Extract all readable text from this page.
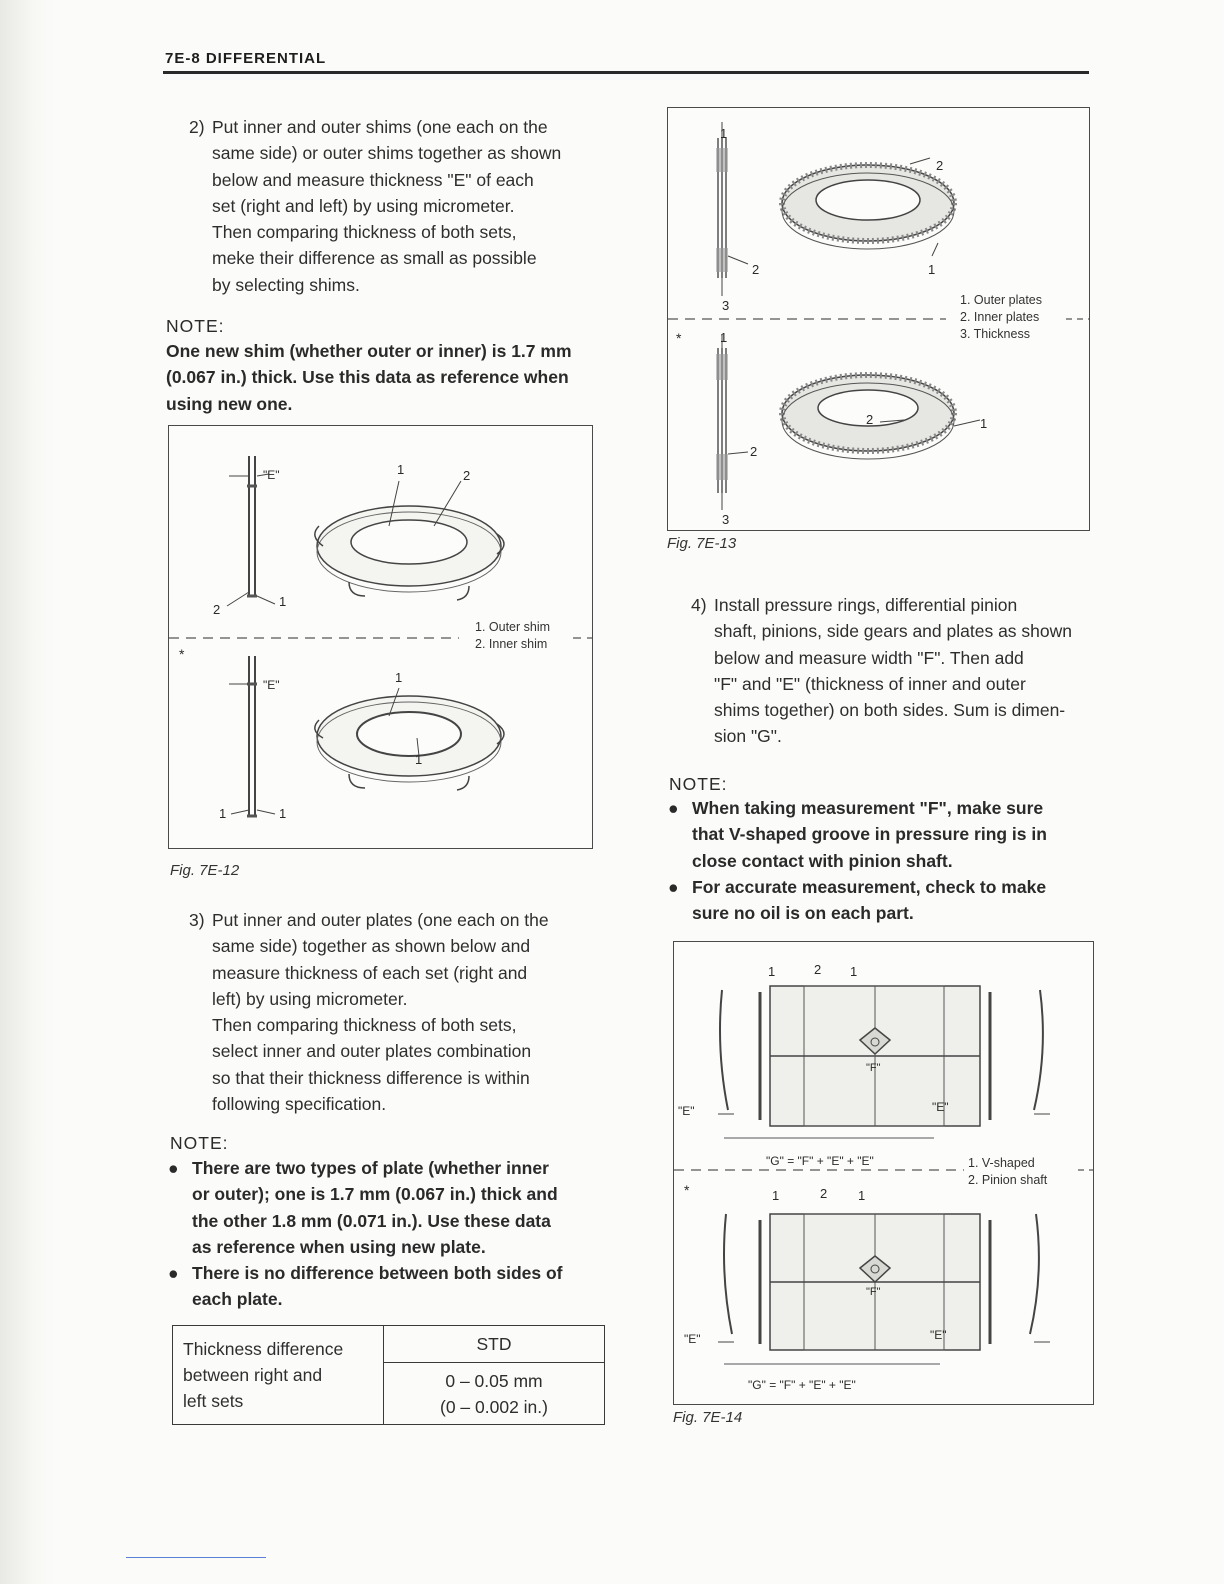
7E-8 DIFFERENTIAL
2) Put inner and outer shims (one each on the
same side) or outer shims together as shown
below and measure thickness "E" of each
set (right and left) by using micrometer.
Then comparing thickness of both sets,
meke their difference as small as possible
by selecting shims.
NOTE:
One new shim (whether outer or inner) is 1.7 mm
(0.067 in.) thick. Use this data as reference when
using new one.
"E"	1	2
2
1
*
"E"	1
1
1	1
1. Outer shim
2. Inner shim
Fig. 7E-12
3) Put inner and outer plates (one each on the
same side) together as shown below and
measure thickness of each set (right and
left) by using micrometer.
Then comparing thickness of both sets,
select inner and outer plates combination
so that their thickness difference is within
following specification.
NOTE:
● There are two types of plate (whether inner
or outer); one is 1.7 mm (0.067 in.) thick and
the other 1.8 mm (0.071 in.). Use these data
as reference when using new plate.
● There is no difference between both sides of
each plate.
Thickness difference
between right and
left sets
	STD

0 – 0.05 mm
(0 – 0.002 in.)
1
2
2	1
3
*	1
2	1
2
3
1. Outer plates
2. Inner plates
3. Thickness
Fig. 7E-13
4) Install pressure rings, differential pinion
shaft, pinions, side gears and plates as shown
below and measure width "F". Then add
"F" and "E" (thickness of inner and outer
shims together) on both sides. Sum is dimen-
sion "G".
NOTE:
● When taking measurement "F", make sure
that V-shaped groove in pressure ring is in
close contact with pinion shaft.
● For accurate measurement, check to make
sure no oil is on each part.
1	2 1
"F"
"E"	"E"
"G" = "F" + "E" + "E"
*	1	2 1
"F"
"E"	"E"
"G" = "F" + "E" + "E"
1. V-shaped
2. Pinion shaft
Fig. 7E-14
